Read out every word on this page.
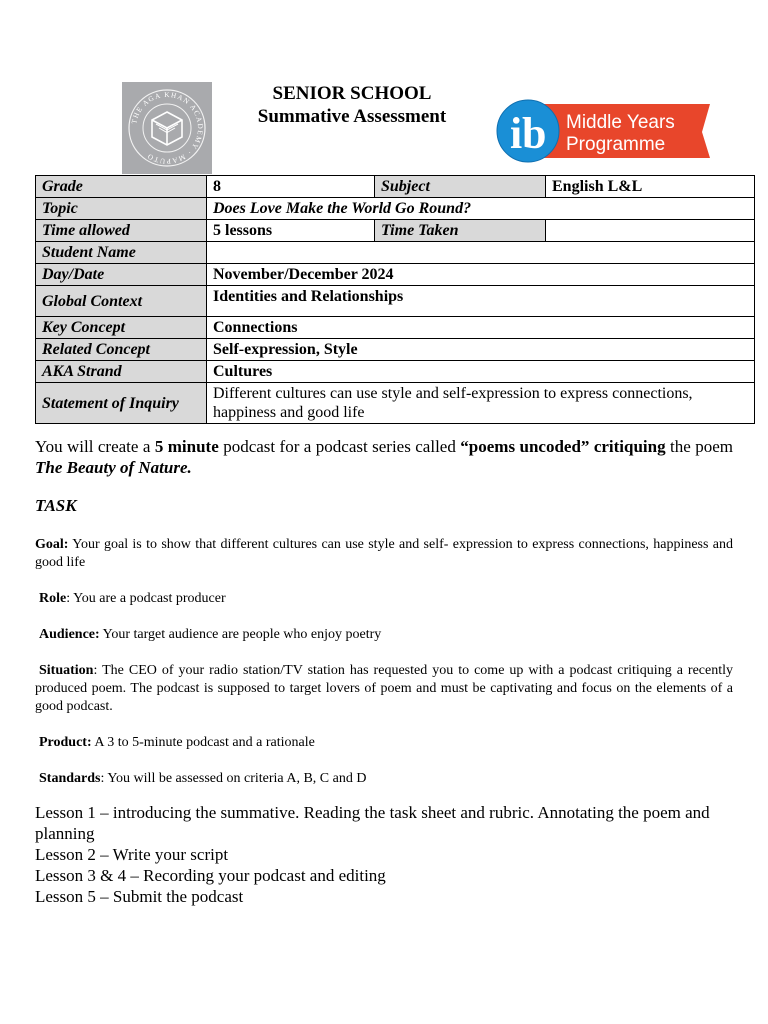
THE AGA KHAN ACADEMY · MAPUTO
SENIOR SCHOOL
Summative Assessment	i b Middle Years
Programme
Grade	8	Subject	English L&L
Topic	Does Love Make the World Go Round?		
Time allowed	5 lessons	Time Taken	
Student Name			
Day/Date	November/December 2024		
Global Context	Identities and Relationships		
Key Concept	Connections		
Related Concept	Self-expression, Style		
AKA Strand	Cultures		
Statement of Inquiry	Different cultures can use style and self-expression to express connections, happiness and good life		

You will create a 5 minute podcast for a podcast series called “poems uncoded” critiquing the poem The Beauty of Nature.

TASK

Goal: Your goal is to show that different cultures can use style and self- expression to express connections, happiness and good life

Role: You are a podcast producer

Audience: Your target audience are people who enjoy poetry

Situation: The CEO of your radio station/TV station has requested you to come up with a podcast critiquing a recently produced poem. The podcast is supposed to target lovers of poem and must be captivating and focus on the elements of a good podcast.

Product: A 3 to 5-minute podcast and a rationale

Standards: You will be assessed on criteria A, B, C and D

Lesson 1 – introducing the summative. Reading the task sheet and rubric. Annotating the poem and planning

Lesson 2 – Write your script

Lesson 3 & 4 – Recording your podcast and editing

Lesson 5 – Submit the podcast
